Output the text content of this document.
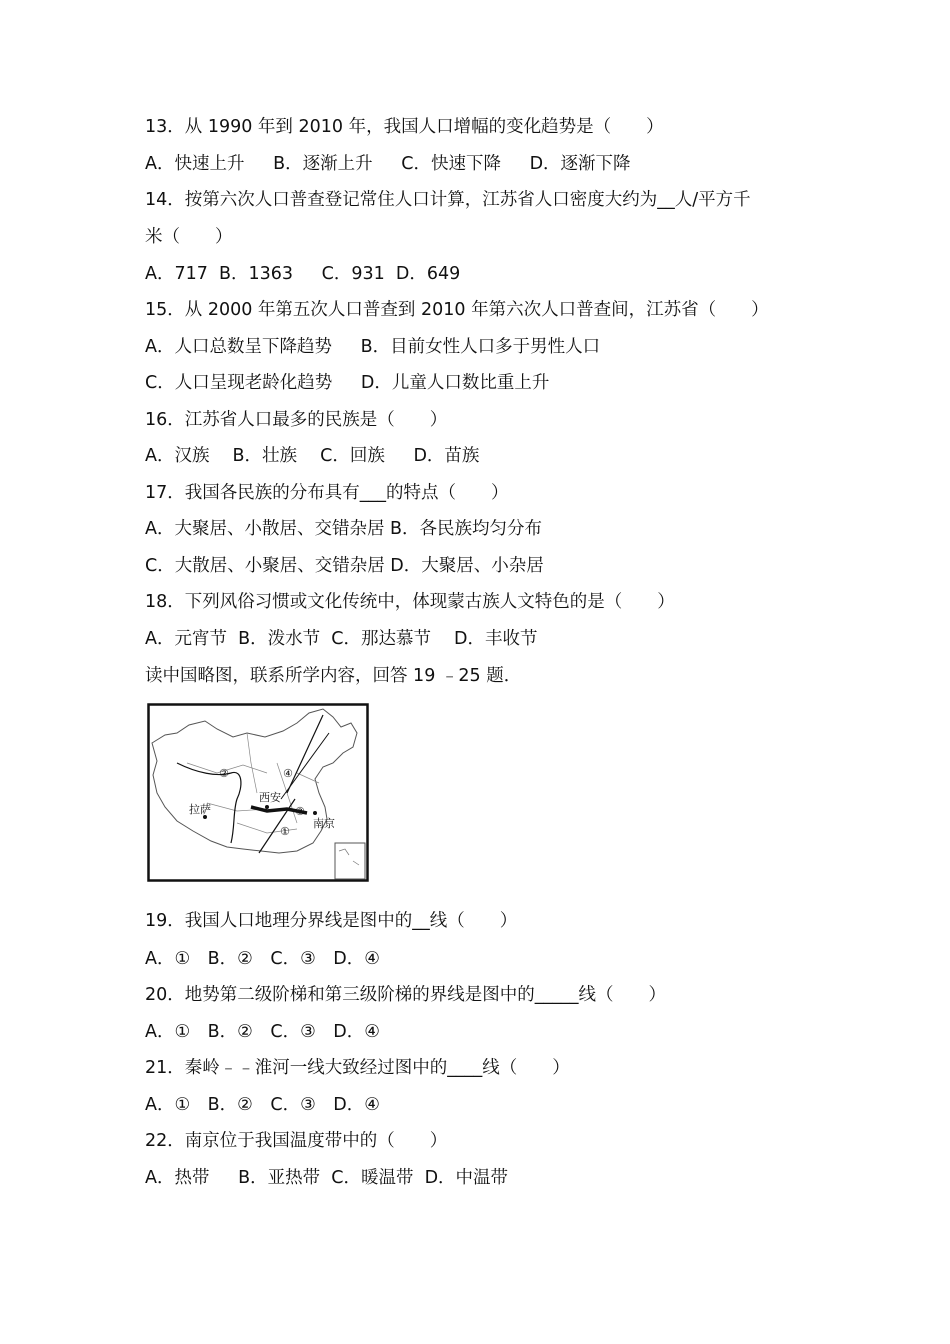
13．从 1990 年到 2010 年，我国人口增幅的变化趋势是（　　）
A．快速上升　  B．逐渐上升　  C．快速下降　  D．逐渐下降
14．按第六次人口普查登记常住人口计算，江苏省人口密度大约为__人/平方千
米（　　）
A．717  B．1363　  C．931  D．649
15．从 2000 年第五次人口普查到 2010 年第六次人口普查间，江苏省（　　）
A．人口总数呈下降趋势　  B．目前女性人口多于男性人口
C．人口呈现老龄化趋势　  D．儿童人口数比重上升
16．江苏省人口最多的民族是（　　）
A．汉族　 B．壮族　 C．回族　  D．苗族
17．我国各民族的分布具有___的特点（　　）
A．大聚居、小散居、交错杂居 B．各民族均匀分布
C．大散居、小聚居、交错杂居 D．大聚居、小杂居
18．下列风俗习惯或文化传统中，体现蒙古族人文特色的是（　　）
A．元宵节  B．泼水节  C．那达慕节　 D．丰收节
读中国略图，联系所学内容，回答 19 ﹣25 题．
拉萨
西安
南京
①
②
③
④
19．我国人口地理分界线是图中的__线（　　）
A．①　B．②　C．③　D．④
20．地势第二级阶梯和第三级阶梯的界线是图中的_____线（　　）
A．①　B．②　C．③　D．④
21．秦岭﹣﹣淮河一线大致经过图中的____线（　　）
A．①　B．②　C．③　D．④
22．南京位于我国温度带中的（　　）
A．热带　  B．亚热带  C．暖温带  D．中温带
